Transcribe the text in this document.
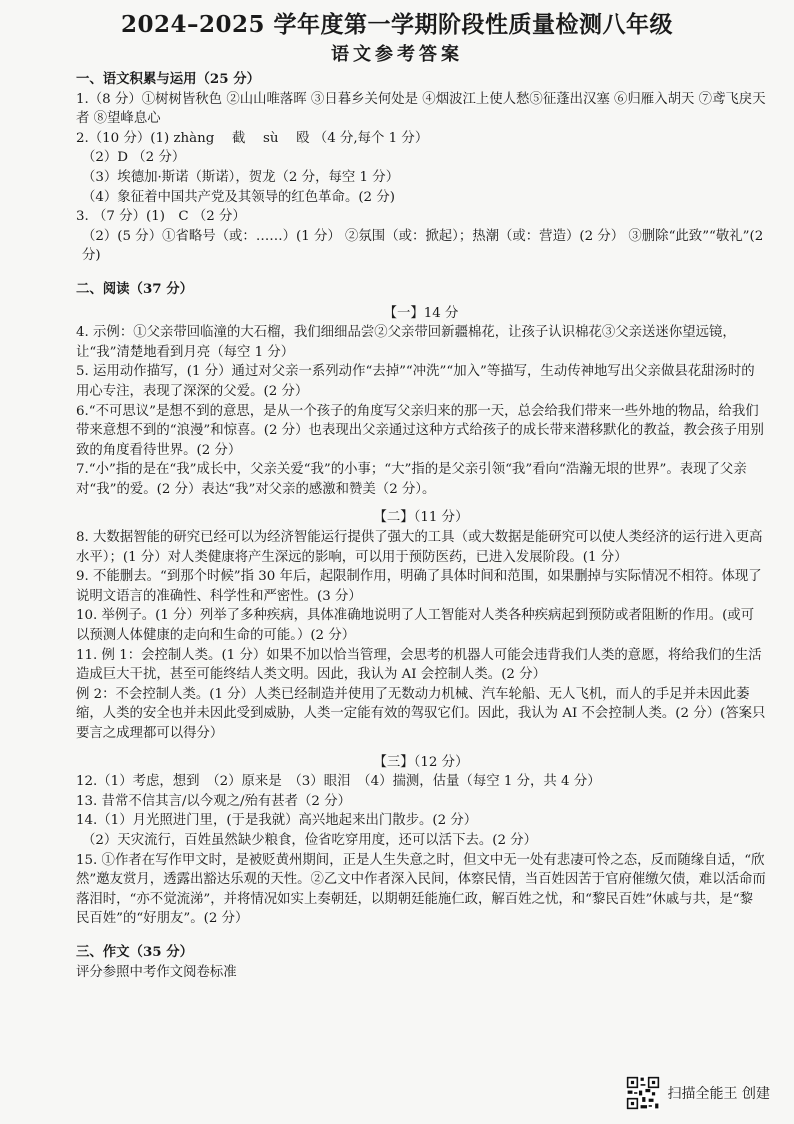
2024–2025 学年度第一学期阶段性质量检测八年级
语文参考答案

一、语文积累与运用（25 分）

1.（8 分）①树树皆秋色 ②山山唯落晖 ③日暮乡关何处是 ④烟波江上使人愁⑤征蓬出汉塞 ⑥归雁入胡天 ⑦鸢飞戾天者 ⑧望峰息心

2.（10 分）(1) zhàng　 截　 sù　 殴 （4 分,每个 1 分）

（2）D （2 分）

（3）埃德加·斯诺（斯诺），贺龙（2 分，每空 1 分）

（4）象征着中国共产党及其领导的红色革命。(2 分)

3. （7 分）(1)　C （2 分）

（2）(5 分）①省略号（或：……）(1 分） ②氛围（或：掀起）；热潮（或：营造）(2 分） ③删除“此致”“敬礼”(2 分)

二、阅读（37 分）

【一】14 分

4. 示例：①父亲带回临潼的大石榴，我们细细品尝②父亲带回新疆棉花，让孩子认识棉花③父亲送迷你望远镜，让“我”清楚地看到月亮（每空 1 分）

5. 运用动作描写，(1 分）通过对父亲一系列动作“去掉”“冲洗”“加入”等描写，生动传神地写出父亲做县花甜汤时的用心专注，表现了深深的父爱。(2 分）

6.“不可思议”是想不到的意思，是从一个孩子的角度写父亲归来的那一天，总会给我们带来一些外地的物品，给我们带来意想不到的“浪漫”和惊喜。(2 分）也表现出父亲通过这种方式给孩子的成长带来潜移默化的教益，教会孩子用别致的角度看待世界。(2 分）

7.“小”指的是在“我”成长中，父亲关爱“我”的小事；“大”指的是父亲引领“我”看向“浩瀚无垠的世界”。表现了父亲对“我”的爱。(2 分）表达“我”对父亲的感激和赞美（2 分）。

【二】（11 分）

8. 大数据智能的研究已经可以为经济智能运行提供了强大的工具（或大数据是能研究可以使人类经济的运行进入更高水平）；(1 分）对人类健康将产生深远的影响，可以用于预防医药，已进入发展阶段。(1 分）

9. 不能删去。“到那个时候”指 30 年后，起限制作用，明确了具体时间和范围，如果删掉与实际情况不相符。体现了说明文语言的准确性、科学性和严密性。(3 分）

10. 举例子。(1 分）列举了多种疾病，具体准确地说明了人工智能对人类各种疾病起到预防或者阻断的作用。(或可以预测人体健康的走向和生命的可能。）(2 分）

11. 例 1：会控制人类。(1 分）如果不加以恰当管理，会思考的机器人可能会违背我们人类的意愿，将给我们的生活造成巨大干扰，甚至可能终结人类文明。因此，我认为 AI 会控制人类。(2 分）

例 2：不会控制人类。(1 分）人类已经制造并使用了无数动力机械、汽车轮船、无人飞机，而人的手足并未因此萎缩，人类的安全也并未因此受到威胁，人类一定能有效的驾驭它们。因此，我认为 AI 不会控制人类。(2 分）(答案只要言之成理都可以得分）

【三】（12 分）

12.（1）考虑，想到　（2）原来是　（3）眼泪　（4）揣测，估量（每空 1 分，共 4 分）

13. 昔常不信其言/以今观之/殆有甚者（2 分）

14.（1）月光照进门里，(于是我就）高兴地起来出门散步。(2 分）

（2）天灾流行，百姓虽然缺少粮食，俭省吃穿用度，还可以活下去。(2 分）

15. ①作者在写作甲文时，是被贬黄州期间，正是人生失意之时，但文中无一处有悲凄可怜之态，反而随缘自适，“欣然”邀友赏月，透露出豁达乐观的天性。②乙文中作者深入民间，体察民情，当百姓因苦于官府催缴欠债，难以活命而落泪时，“亦不觉流涕”，并将情况如实上奏朝廷，以期朝廷能施仁政，解百姓之忧，和“黎民百姓”休戚与共，是“黎民百姓”的“好朋友”。(2 分）

三、作文（35 分）

评分参照中考作文阅卷标准

扫描全能王 创建
